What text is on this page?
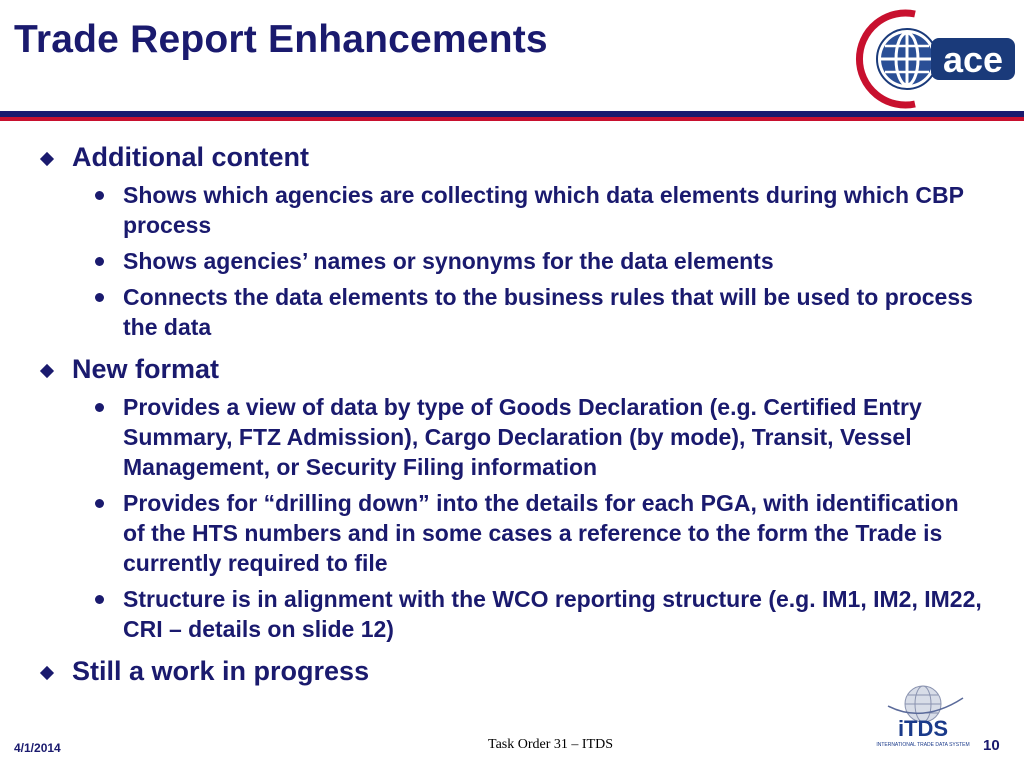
Trade Report Enhancements	ace
Additional content
Shows which agencies are collecting which data elements during which CBP process
Shows agencies’ names or synonyms for the data elements
Connects the data elements to the business rules that will be used to process the data
New format
Provides a view of data by type of Goods Declaration (e.g. Certified Entry Summary, FTZ Admission), Cargo Declaration (by mode), Transit, Vessel Management, or Security Filing information
Provides for “drilling down” into the details for each PGA, with identification of the HTS numbers and in some cases a reference to the form the Trade is currently required to file
Structure is in alignment with the WCO reporting structure (e.g. IM1, IM2, IM22, CRI – details on slide 12)
Still a work in progress
iTDS
INTERNATIONAL TRADE DATA SYSTEM
4/1/2014	Task Order 31 – ITDS	10
